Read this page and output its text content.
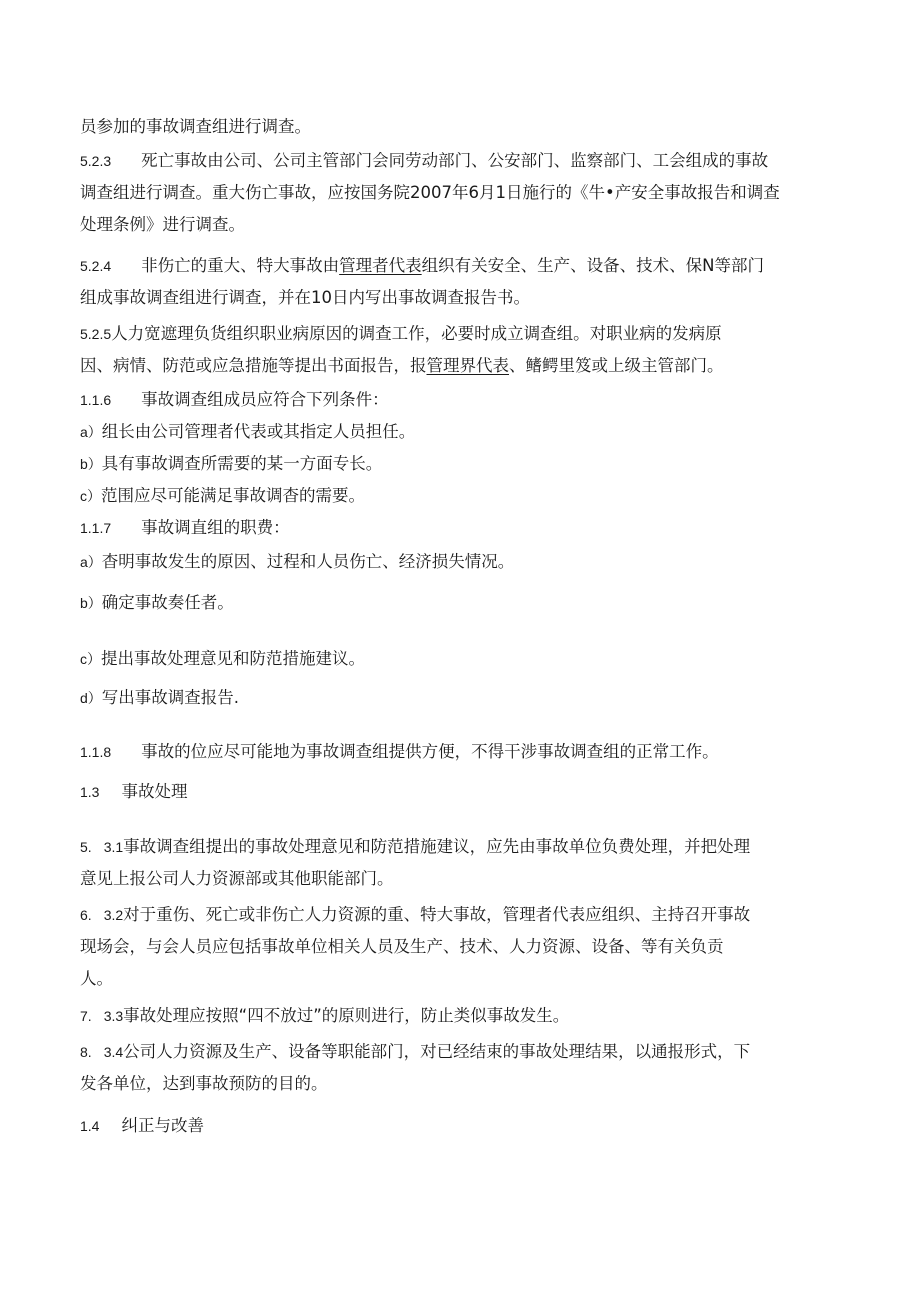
员参加的事故调查组进行调查。
5.2.3 死亡事故由公司、公司主管部门会同劳动部门、公安部门、监察部门、工会组成的事故
调查组进行调查。重大伤亡事故，应按国务院2007年6月1日施行的《牛•产安全事故报告和调查
处理条例》进行调查。
5.2.4 非伤亡的重大、特大事故由管理者代表组织有关安全、生产、设备、技术、保N等部门
组成事故调查组进行调查，并在10日内写出事故调查报告书。
5.2.5人力宽遮理负货组织职业病原因的调查工作，必要时成立调查组。对职业病的发病原
因、病情、防范或应急措施等提出书面报告，报管理界代表、鳍鳄里笈或上级主管部门。
1.1.6 事故调查组成员应符合下列条件：
a）组长由公司管理者代表或其指定人员担任。
b）具有事故调查所需要的某一方面专长。
c）范围应尽可能满足事故调杳的需要。
1.1.7 事故调直组的职费：
a）杳明事故发生的原因、过程和人员伤亡、经济损失情况。
b）确定事故奏任者。
c）提出事故处理意见和防范措施建议。
d）写出事故调查报告.
1.1.8 事故的位应尽可能地为事故调查组提供方便，不得干涉事故调查组的正常工作。
1.3 事故处理
5. 3.1事故调查组提出的事故处理意见和防范措施建议，应先由事故单位负费处理，并把处理
意见上报公司人力资源部或其他职能部门。
6. 3.2对于重伤、死亡或非伤亡人力资源的重、特大事故，管理者代表应组织、主持召开事故
现场会，与会人员应包括事故单位相关人员及生产、技术、人力资源、设备、等有关负贡
人。
7. 3.3事故处理应按照“四不放过”的原则进行，防止类似事故发生。
8. 3.4公司人力资源及生产、设备等职能部门，对已经结束的事故处理结果，以通报形式，下
发各单位，达到事故预防的目的。
1.4 纠正与改善
